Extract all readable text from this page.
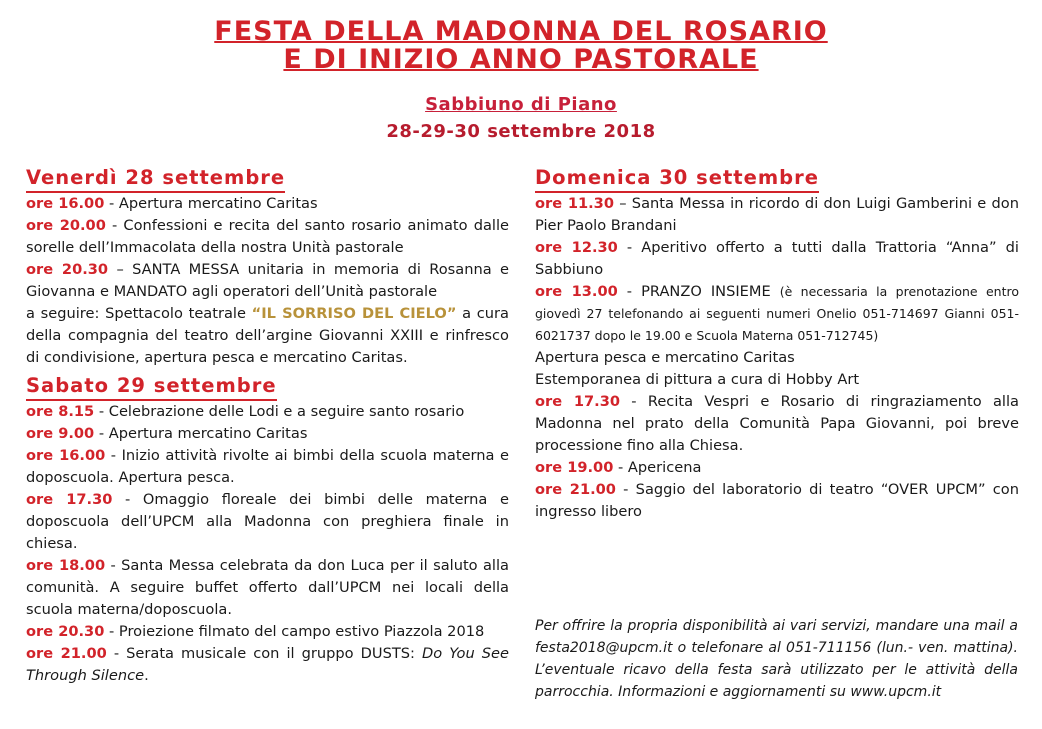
FESTA DELLA MADONNA DEL ROSARIO
E DI INIZIO ANNO PASTORALE
Sabbiuno di Piano
28-29-30 settembre 2018
Venerdì 28 settembre
ore 16.00 - Apertura mercatino Caritas
ore 20.00 - Confessioni e recita del santo rosario animato dalle sorelle dell’Immacolata della nostra Unità pastorale
ore 20.30 – SANTA MESSA unitaria in memoria di Rosanna e Giovanna e MANDATO agli operatori dell’Unità pastorale
a seguire: Spettacolo teatrale “IL SORRISO DEL CIELO” a cura della compagnia del teatro dell’argine Giovanni XXIII e rinfresco di condivisione, apertura pesca e mercatino Caritas.
Sabato 29 settembre
ore 8.15 - Celebrazione delle Lodi e a seguire santo rosario
ore 9.00 - Apertura mercatino Caritas
ore 16.00 - Inizio attività rivolte ai bimbi della scuola materna e doposcuola. Apertura pesca.
ore 17.30 - Omaggio floreale dei bimbi delle materna e doposcuola dell’UPCM alla Madonna con preghiera finale in chiesa.
ore 18.00 - Santa Messa celebrata da don Luca per il saluto alla comunità. A seguire buffet offerto dall’UPCM nei locali della scuola materna/doposcuola.
ore 20.30 - Proiezione filmato del campo estivo Piazzola 2018
ore 21.00 - Serata musicale con il gruppo DUSTS: Do You See Through Silence.
Domenica 30 settembre
ore 11.30 – Santa Messa in ricordo di don Luigi Gamberini e don Pier Paolo Brandani
ore 12.30 - Aperitivo offerto a tutti dalla Trattoria “Anna” di Sabbiuno
ore 13.00 - PRANZO INSIEME (è necessaria la prenotazione entro giovedì 27 telefonando ai seguenti numeri Onelio 051-714697 Gianni 051-6021737 dopo le 19.00 e Scuola Materna 051-712745)
Apertura pesca e mercatino Caritas
Estemporanea di pittura a cura di Hobby Art
ore 17.30 - Recita Vespri e Rosario di ringraziamento alla Madonna nel prato della Comunità Papa Giovanni, poi breve processione fino alla Chiesa.
ore 19.00 - Apericena
ore 21.00 - Saggio del laboratorio di teatro “OVER UPCM” con ingresso libero
Per offrire la propria disponibilità ai vari servizi, mandare una mail a festa2018@upcm.it o telefonare al 051-711156 (lun.- ven. mattina). L’eventuale ricavo della festa sarà utilizzato per le attività della parrocchia. Informazioni e aggiornamenti su www.upcm.it
